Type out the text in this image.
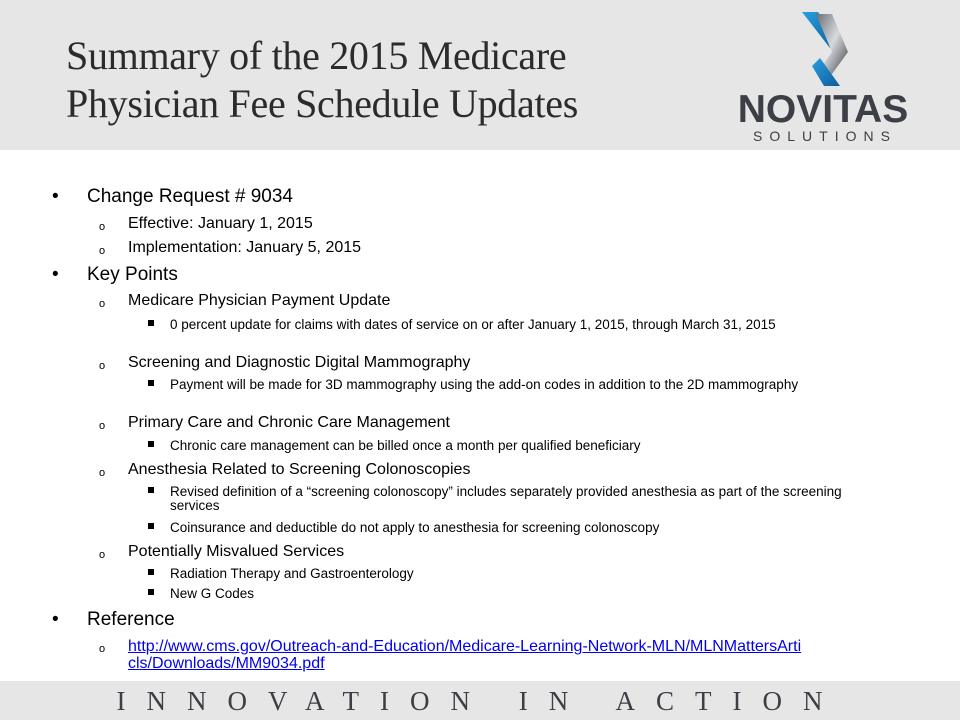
Summary of the 2015 Medicare
Physician Fee Schedule Updates	NOVITAS
SOLUTIONS
• Change Request # 9034
o Effective: January 1, 2015
o Implementation: January 5, 2015
• Key Points
o Medicare Physician Payment Update
0 percent update for claims with dates of service on or after January 1, 2015, through March 31, 2015
o Screening and Diagnostic Digital Mammography
Payment will be made for 3D mammography using the add-on codes in addition to the 2D mammography
o Primary Care and Chronic Care Management
Chronic care management can be billed once a month per qualified beneficiary
o Anesthesia Related to Screening Colonoscopies
Revised definition of a “screening colonoscopy” includes separately provided anesthesia as part of the screening services
Coinsurance and deductible do not apply to anesthesia for screening colonoscopy
o Potentially Misvalued Services
Radiation Therapy and Gastroenterology
New G Codes
• Reference
o http://www.cms.gov/Outreach-and-Education/Medicare-Learning-Network-MLN/MLNMattersArticls/Downloads/MM9034.pdf
INNOVATION IN ACTION
